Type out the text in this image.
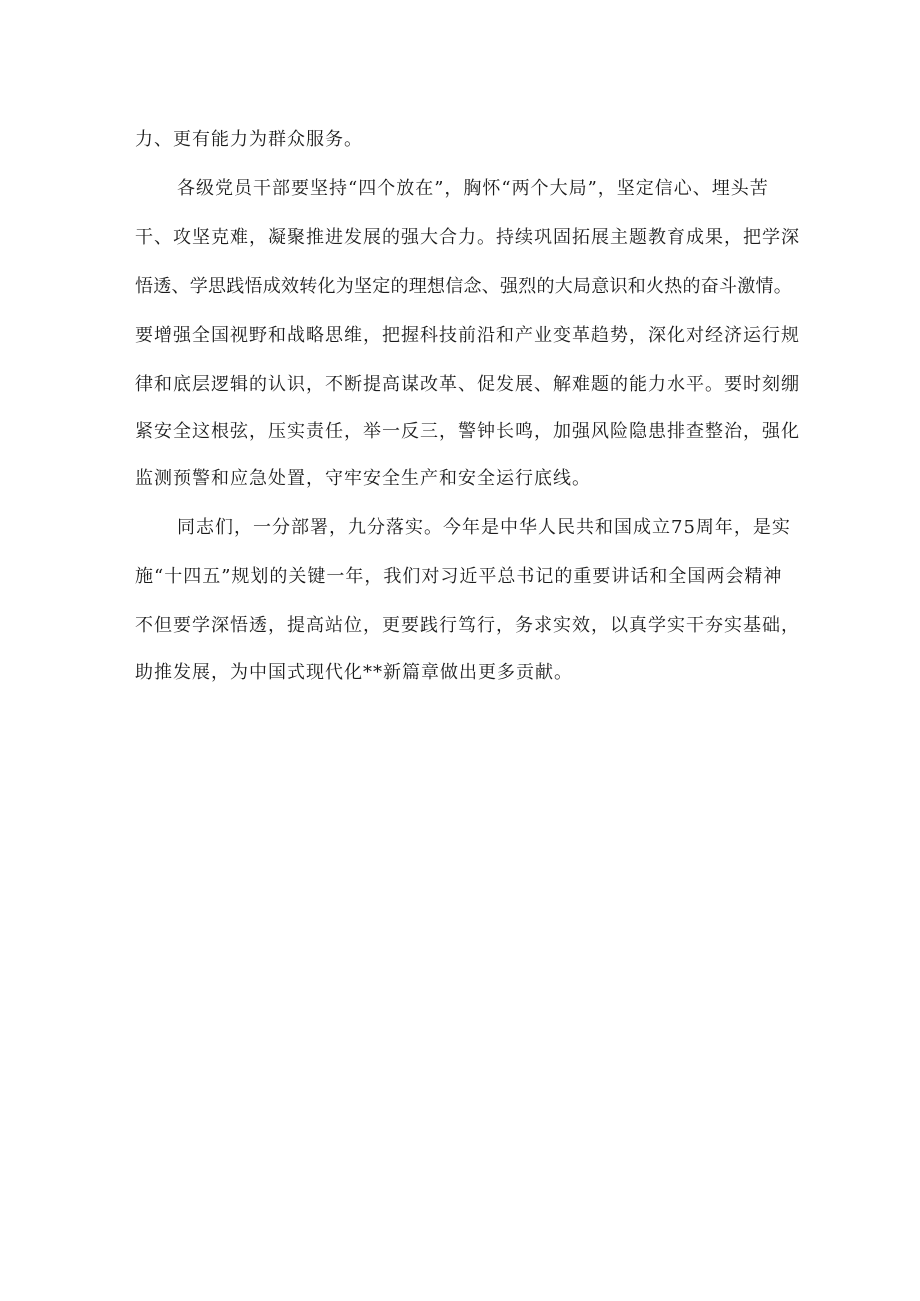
力、更有能力为群众服务。
各级党员干部要坚持“四个放在”，胸怀“两个大局”，坚定信心、埋头苦
干、攻坚克难，凝聚推进发展的强大合力。持续巩固拓展主题教育成果，把学深
悟透、学思践悟成效转化为坚定的理想信念、强烈的大局意识和火热的奋斗激情。
要增强全国视野和战略思维，把握科技前沿和产业变革趋势，深化对经济运行规
律和底层逻辑的认识，不断提高谋改革、促发展、解难题的能力水平。要时刻绷
紧安全这根弦，压实责任，举一反三，警钟长鸣，加强风险隐患排查整治，强化
监测预警和应急处置，守牢安全生产和安全运行底线。
同志们，一分部署，九分落实。今年是中华人民共和国成立75周年，是实
施“十四五”规划的关键一年，我们对习近平总书记的重要讲话和全国两会精神
不但要学深悟透，提高站位，更要践行笃行，务求实效，以真学实干夯实基础，
助推发展，为中国式现代化**新篇章做出更多贡献。
